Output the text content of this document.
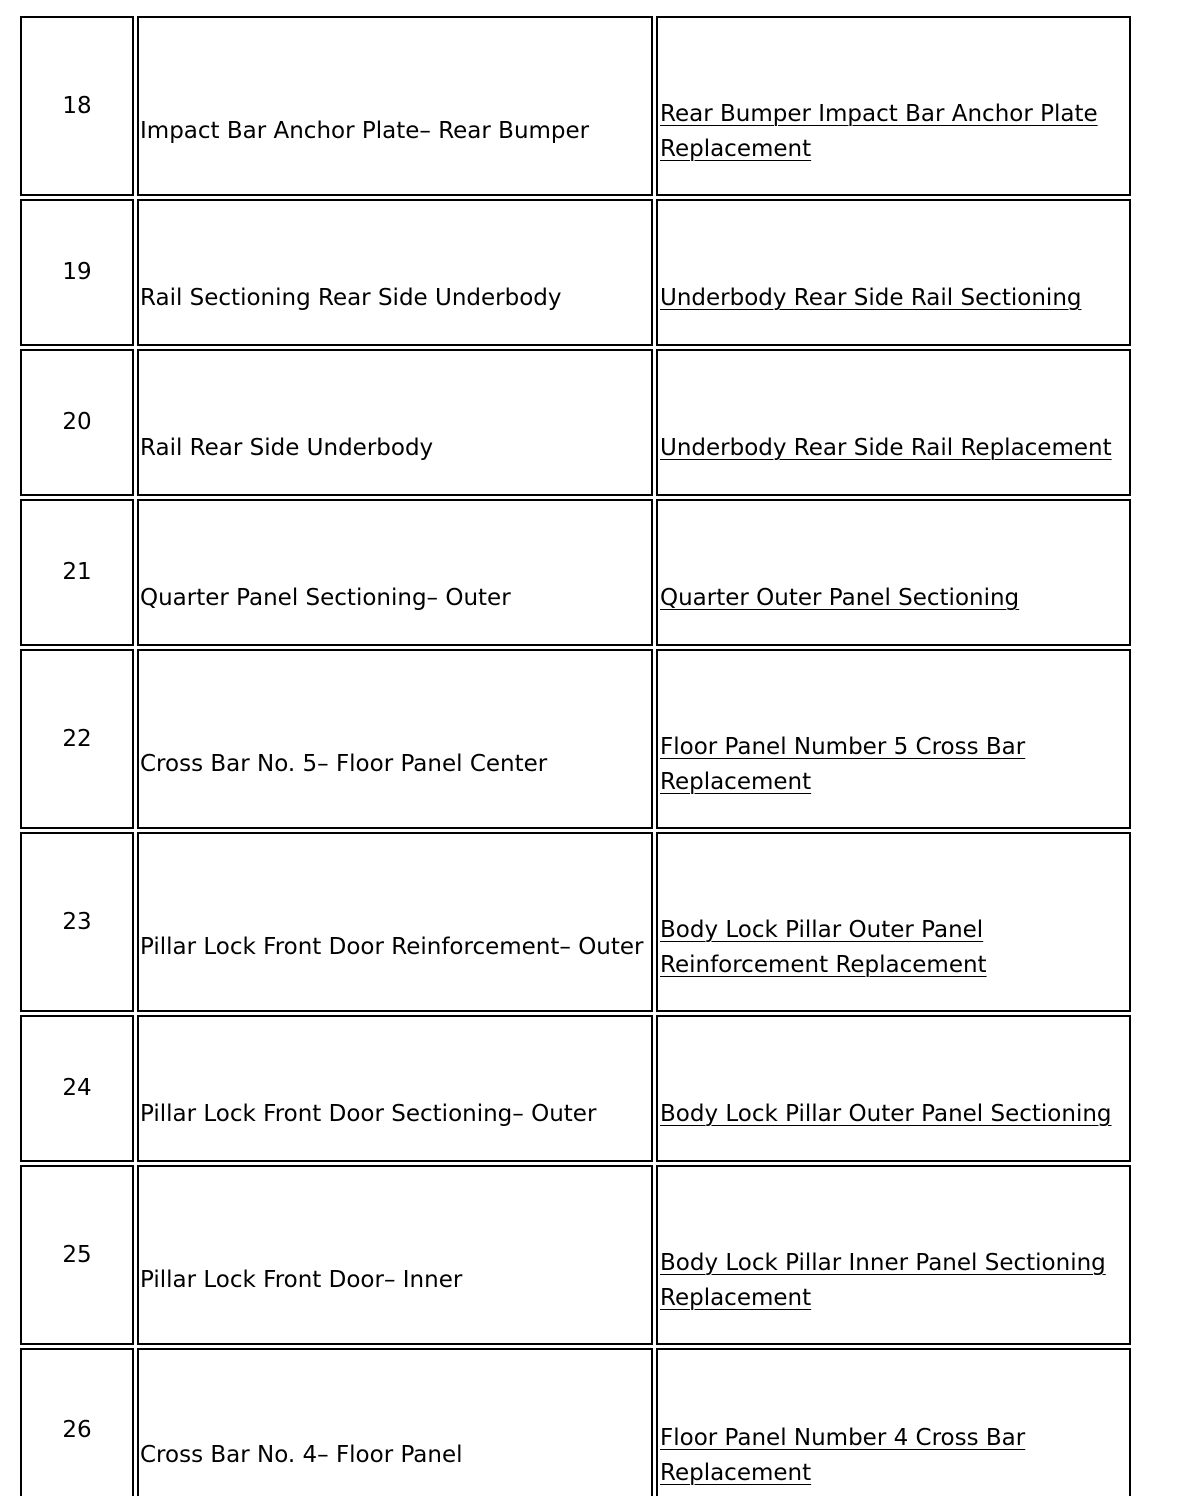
18	Impact Bar Anchor Plate– Rear Bumper	Rear Bumper Impact Bar Anchor Plate Replacement
19	Rail Sectioning Rear Side Underbody	Underbody Rear Side Rail Sectioning
20	Rail Rear Side Underbody	Underbody Rear Side Rail Replacement
21	Quarter Panel Sectioning– Outer	Quarter Outer Panel Sectioning
22	Cross Bar No. 5– Floor Panel Center	Floor Panel Number 5 Cross Bar Replacement
23	Pillar Lock Front Door Reinforcement– Outer	Body Lock Pillar Outer Panel Reinforcement Replacement
24	Pillar Lock Front Door Sectioning– Outer	Body Lock Pillar Outer Panel Sectioning
25	Pillar Lock Front Door– Inner	Body Lock Pillar Inner Panel Sectioning Replacement
26	Cross Bar No. 4– Floor Panel	Floor Panel Number 4 Cross Bar Replacement
